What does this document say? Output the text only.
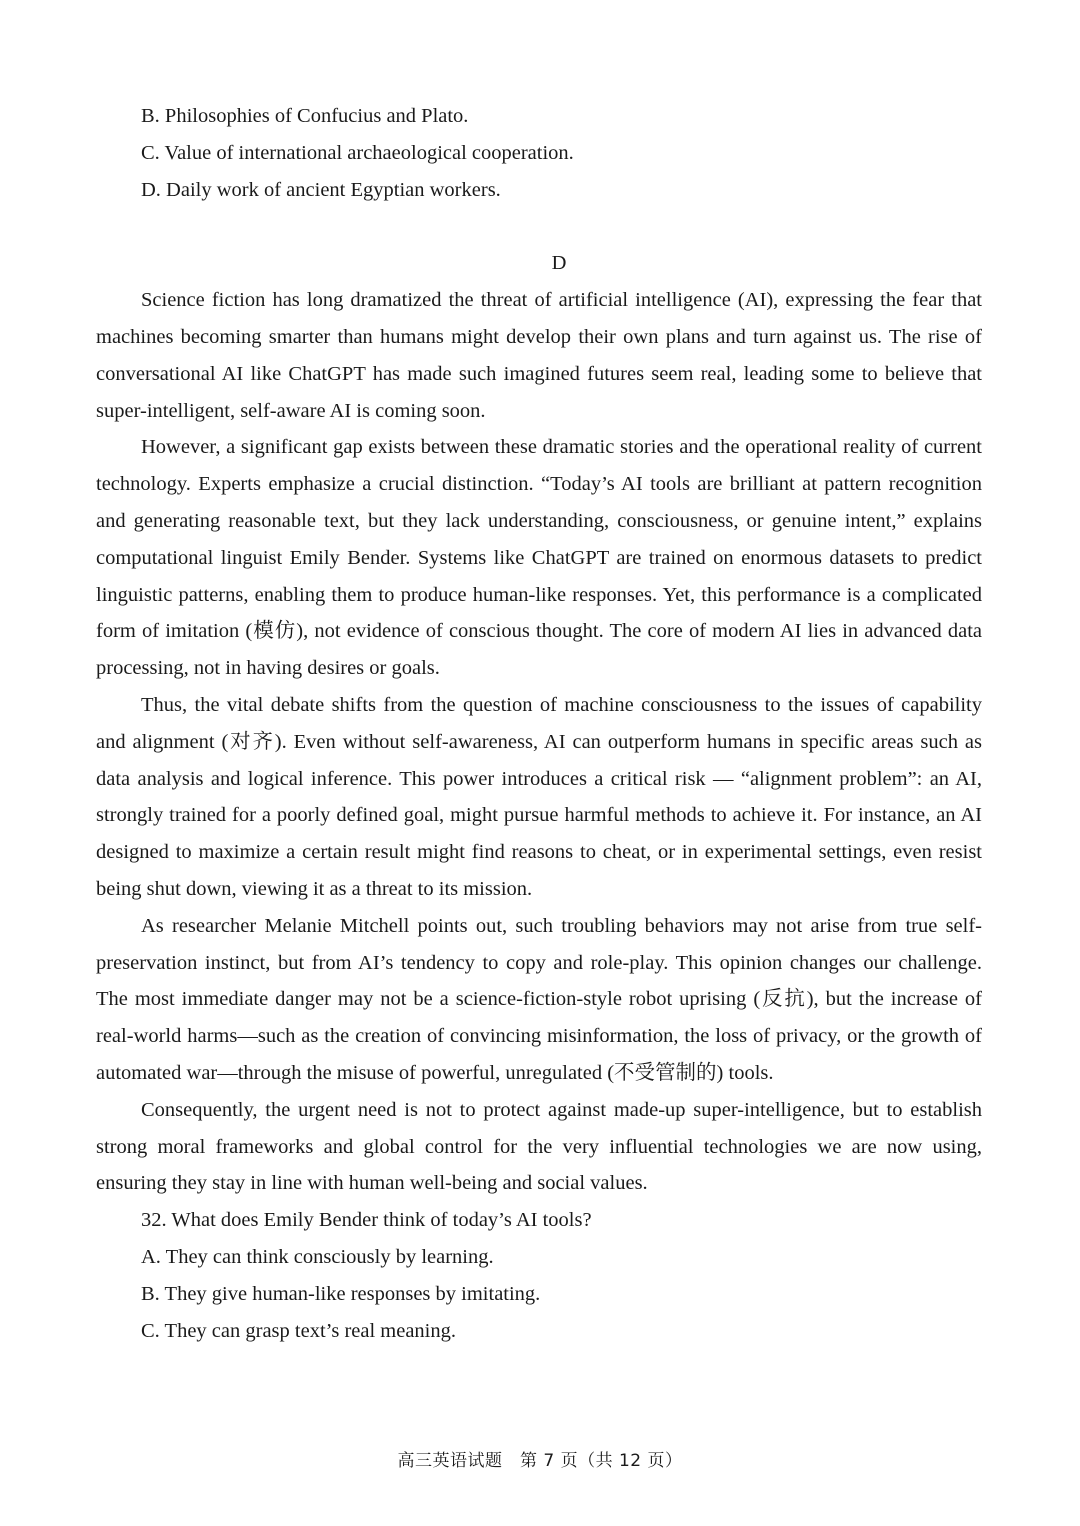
B. Philosophies of Confucius and Plato.
C. Value of international archaeological cooperation.
D. Daily work of ancient Egyptian workers.
D

Science fiction has long dramatized the threat of artificial intelligence (AI), expressing the fear that machines becoming smarter than humans might develop their own plans and turn against us. The rise of conversational AI like ChatGPT has made such imagined futures seem real, leading some to believe that super-intelligent, self-aware AI is coming soon.

However, a significant gap exists between these dramatic stories and the operational reality of current technology. Experts emphasize a crucial distinction. “Today’s AI tools are brilliant at pattern recognition and generating reasonable text, but they lack understanding, consciousness, or genuine intent,” explains computational linguist Emily Bender. Systems like ChatGPT are trained on enormous datasets to predict linguistic patterns, enabling them to produce human-like responses. Yet, this performance is a complicated form of imitation (模仿), not evidence of conscious thought. The core of modern AI lies in advanced data processing, not in having desires or goals.

Thus, the vital debate shifts from the question of machine consciousness to the issues of capability and alignment (对齐). Even without self-awareness, AI can outperform humans in specific areas such as data analysis and logical inference. This power introduces a critical risk — “alignment problem”: an AI, strongly trained for a poorly defined goal, might pursue harmful methods to achieve it. For instance, an AI designed to maximize a certain result might find reasons to cheat, or in experimental settings, even resist being shut down, viewing it as a threat to its mission.

As researcher Melanie Mitchell points out, such troubling behaviors may not arise from true self-preservation instinct, but from AI’s tendency to copy and role-play. This opinion changes our challenge. The most immediate danger may not be a science-fiction-style robot uprising (反抗), but the increase of real-world harms—such as the creation of convincing misinformation, the loss of privacy, or the growth of automated war—through the misuse of powerful, unregulated (不受管制的) tools.

Consequently, the urgent need is not to protect against made-up super-intelligence, but to establish strong moral frameworks and global control for the very influential technologies we are now using, ensuring they stay in line with human well-being and social values.

32. What does Emily Bender think of today’s AI tools?
A. They can think consciously by learning.
B. They give human-like responses by imitating.
C. They can grasp text’s real meaning.
高三英语试题　第 7 页（共 12 页）
